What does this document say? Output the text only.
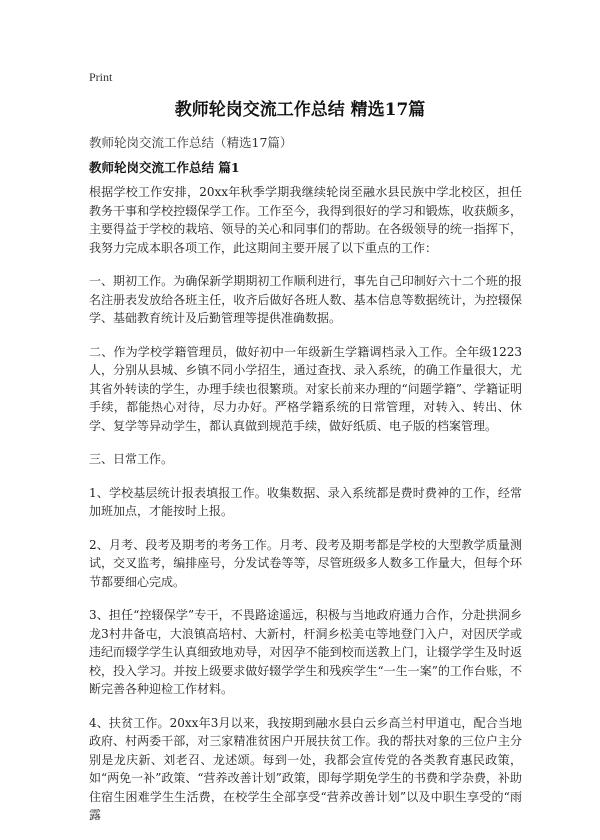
Print
教师轮岗交流工作总结 精选17篇
教师轮岗交流工作总结（精选17篇）
教师轮岗交流工作总结 篇1

根据学校工作安排，20xx年秋季学期我继续轮岗至融水县民族中学北校区，担任教务干事和学校控辍保学工作。工作至今，我得到很好的学习和锻炼，收获颇多，主要得益于学校的栽培、领导的关心和同事们的帮助。在各级领导的统一指挥下，我努力完成本职各项工作，此这期间主要开展了以下重点的工作：

一、期初工作。为确保新学期期初工作顺利进行，事先自己印制好六十二个班的报名注册表发放给各班主任，收齐后做好各班人数、基本信息等数据统计，为控辍保学、基础教育统计及后勤管理等提供准确数据。

二、作为学校学籍管理员，做好初中一年级新生学籍调档录入工作。全年级1223人，分别从县城、乡镇不同小学招生，通过查找、录入系统，的确工作量很大，尤其省外转读的学生，办理手续也很繁琐。对家长前来办理的“问题学籍”、学籍证明手续，都能热心对待，尽力办好。严格学籍系统的日常管理，对转入、转出、休学、复学等异动学生，都认真做到规范手续，做好纸质、电子版的档案管理。

三、日常工作。

1、学校基层统计报表填报工作。收集数据、录入系统都是费时费神的工作，经常加班加点，才能按时上报。

2、月考、段考及期考的考务工作。月考、段考及期考都是学校的大型教学质量测试，交叉监考，编排座号，分发试卷等等，尽管班级多人数多工作量大，但每个环节都要细心完成。

3、担任“控辍保学”专干，不畏路途遥远，积极与当地政府通力合作，分赴拱洞乡龙3村井备屯，大浪镇高培村、大新村，杆洞乡松美屯等地登门入户，对因厌学或违纪而辍学学生认真细致地劝导，对因孕不能到校而送教上门，让辍学学生及时返校，投入学习。并按上级要求做好辍学学生和残疾学生“一生一案”的工作台账，不断完善各种迎检工作材料。

4、扶贫工作。20xx年3月以来，我按期到融水县白云乡高兰村甲道屯，配合当地政府、村两委干部，对三家精准贫困户开展扶贫工作。我的帮扶对象的三位户主分别是龙庆新、刘老召、龙述颂。每到一处，我都会宣传党的各类教育惠民政策，如“两免一补”政策、“营养改善计划”政策，即每学期免学生的书费和学杂费，补助住宿生困难学生生活费，在校学生全部享受“营养改善计划”以及中职生享受的“雨露
